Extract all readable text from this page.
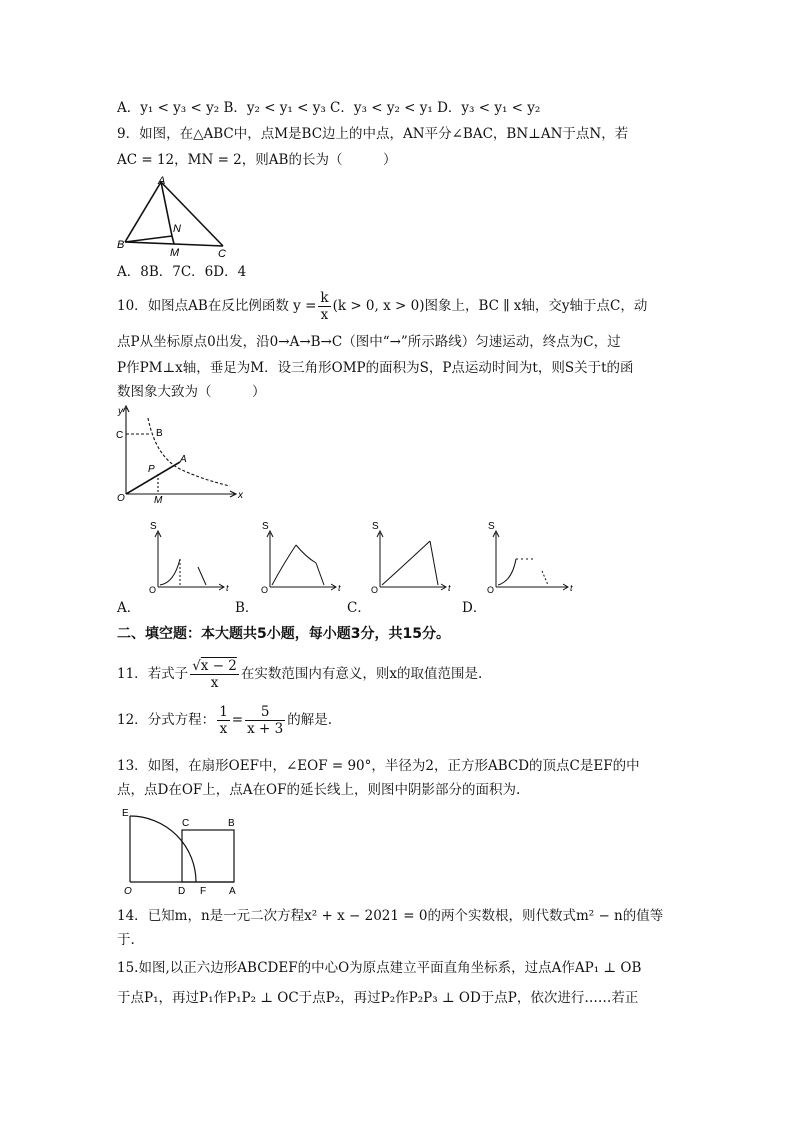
A．y₁ < y₃ < y₂ B．y₂ < y₁ < y₃ C．y₃ < y₂ < y₁ D．y₃ < y₁ < y₂
9．如图，在△ABC中，点M是BC边上的中点，AN平分∠BAC，BN⊥AN于点N，若
AC = 12，MN = 2，则AB的长为（　　　）
A
N
B
M	C
A．8B．7C．6D．4
10．如图点AB在反比例函数 $y = \frac{k}{x} (k > 0$, x > 0)图象上，BC ∥ x轴，交y轴于点C，动
点P从坐标原点0出发，沿0→A→B→C（图中“→”所示路线）匀速运动，终点为C，过
P作PM⊥x轴，垂足为M．设三角形OMP的面积为S，P点运动时间为t，则S关于t的函
数图象大致为（　　　）
y
C	B
A
P
O	M	x
S
O	t
S
O	t
S
O	t
S
O	t
A．	B．	C．	D．
二、填空题：本大题共5小题，每小题3分，共15分。
11．若式子 $\frac{√x - 2}{x}$ 在实数范围内有意义，则x的取值范围是.
12．分式方程： $\frac{1}{x} = \frac{5}{x + 3}$ 的解是.
13．如图，在扇形OEF中，∠EOF = 90°，半径为2，正方形ABCD的顶点C是EF的中
点，点D在OF上，点A在OF的延长线上，则图中阴影部分的面积为.
E
C	B
O	D F A
14．已知m，n是一元二次方程x² + x − 2021 = 0的两个实数根，则代数式m² − n的值等
于.
15.如图,以正六边形ABCDEF的中心O为原点建立平面直角坐标系，过点A作AP₁ ⊥ OB
于点P₁，再过P₁作P₁P₂ ⊥ OC于点P₂，再过P₂作P₂P₃ ⊥ OD于点P，依次进行……若正
